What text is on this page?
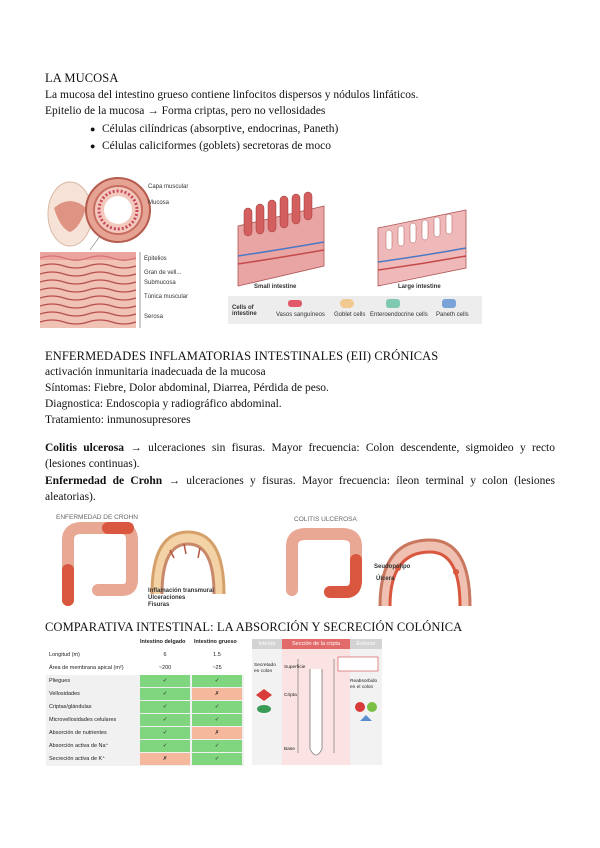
LA MUCOSA
La mucosa del intestino grueso contiene linfocitos dispersos y nódulos linfáticos.
Epitelio de la mucosa → Forma criptas, pero no vellosidades
● Células cilíndricas (absorptive, endocrinas, Paneth)
● Células caliciformes (goblets) secretoras de moco
Capa muscular
Mucosa
Epitelios
Gran de vell...
Submucosa
Túnica muscular
Serosa
Small intestine	Large intestine
Cells of intestine	Vasos sanguíneos Goblet cells Enteroendocrine cells Paneth cells
ENFERMEDADES INFLAMATORIAS INTESTINALES (EII) CRÓNICAS
activación inmunitaria inadecuada de la mucosa
Síntomas: Fiebre, Dolor abdominal, Diarrea, Pérdida de peso.
Diagnostica: Endoscopia y radiográfico abdominal.
Tratamiento: inmunosupresores
Colitis ulcerosa → ulceraciones sin fisuras. Mayor frecuencia: Colon descendente, sigmoideo y recto (lesiones continuas).
Enfermedad de Crohn → ulceraciones y fisuras. Mayor frecuencia: íleon terminal y colon (lesiones aleatorias).
ENFERMEDAD DE CROHN
Inflamación transmural
Ulceraciones
Fisuras
COLITIS ULCEROSA
Seudopólipo
Úlcera
COMPARATIVA INTESTINAL: LA ABSORCIÓN Y SECRECIÓN COLÓNICA
Intestino delgado Intestino grueso
Longitud (m)	6	1.5
Área de membrana apical (m²)	~200	~25
Pliegues	✓	✓
Vellosidades	✓	✗
Criptas/glándulas	✓	✓
Microvellosidades celulares	✓	✓
Absorción de nutrientes	✓	✗
Absorción activa de Na⁺	✓	✓
Secreción activa de K⁺	✗	✓
Interior	Sección de la cripta	Exterior
Secretado en colon
Superficie
Cripta
Base
Reabsorbido en el colon
